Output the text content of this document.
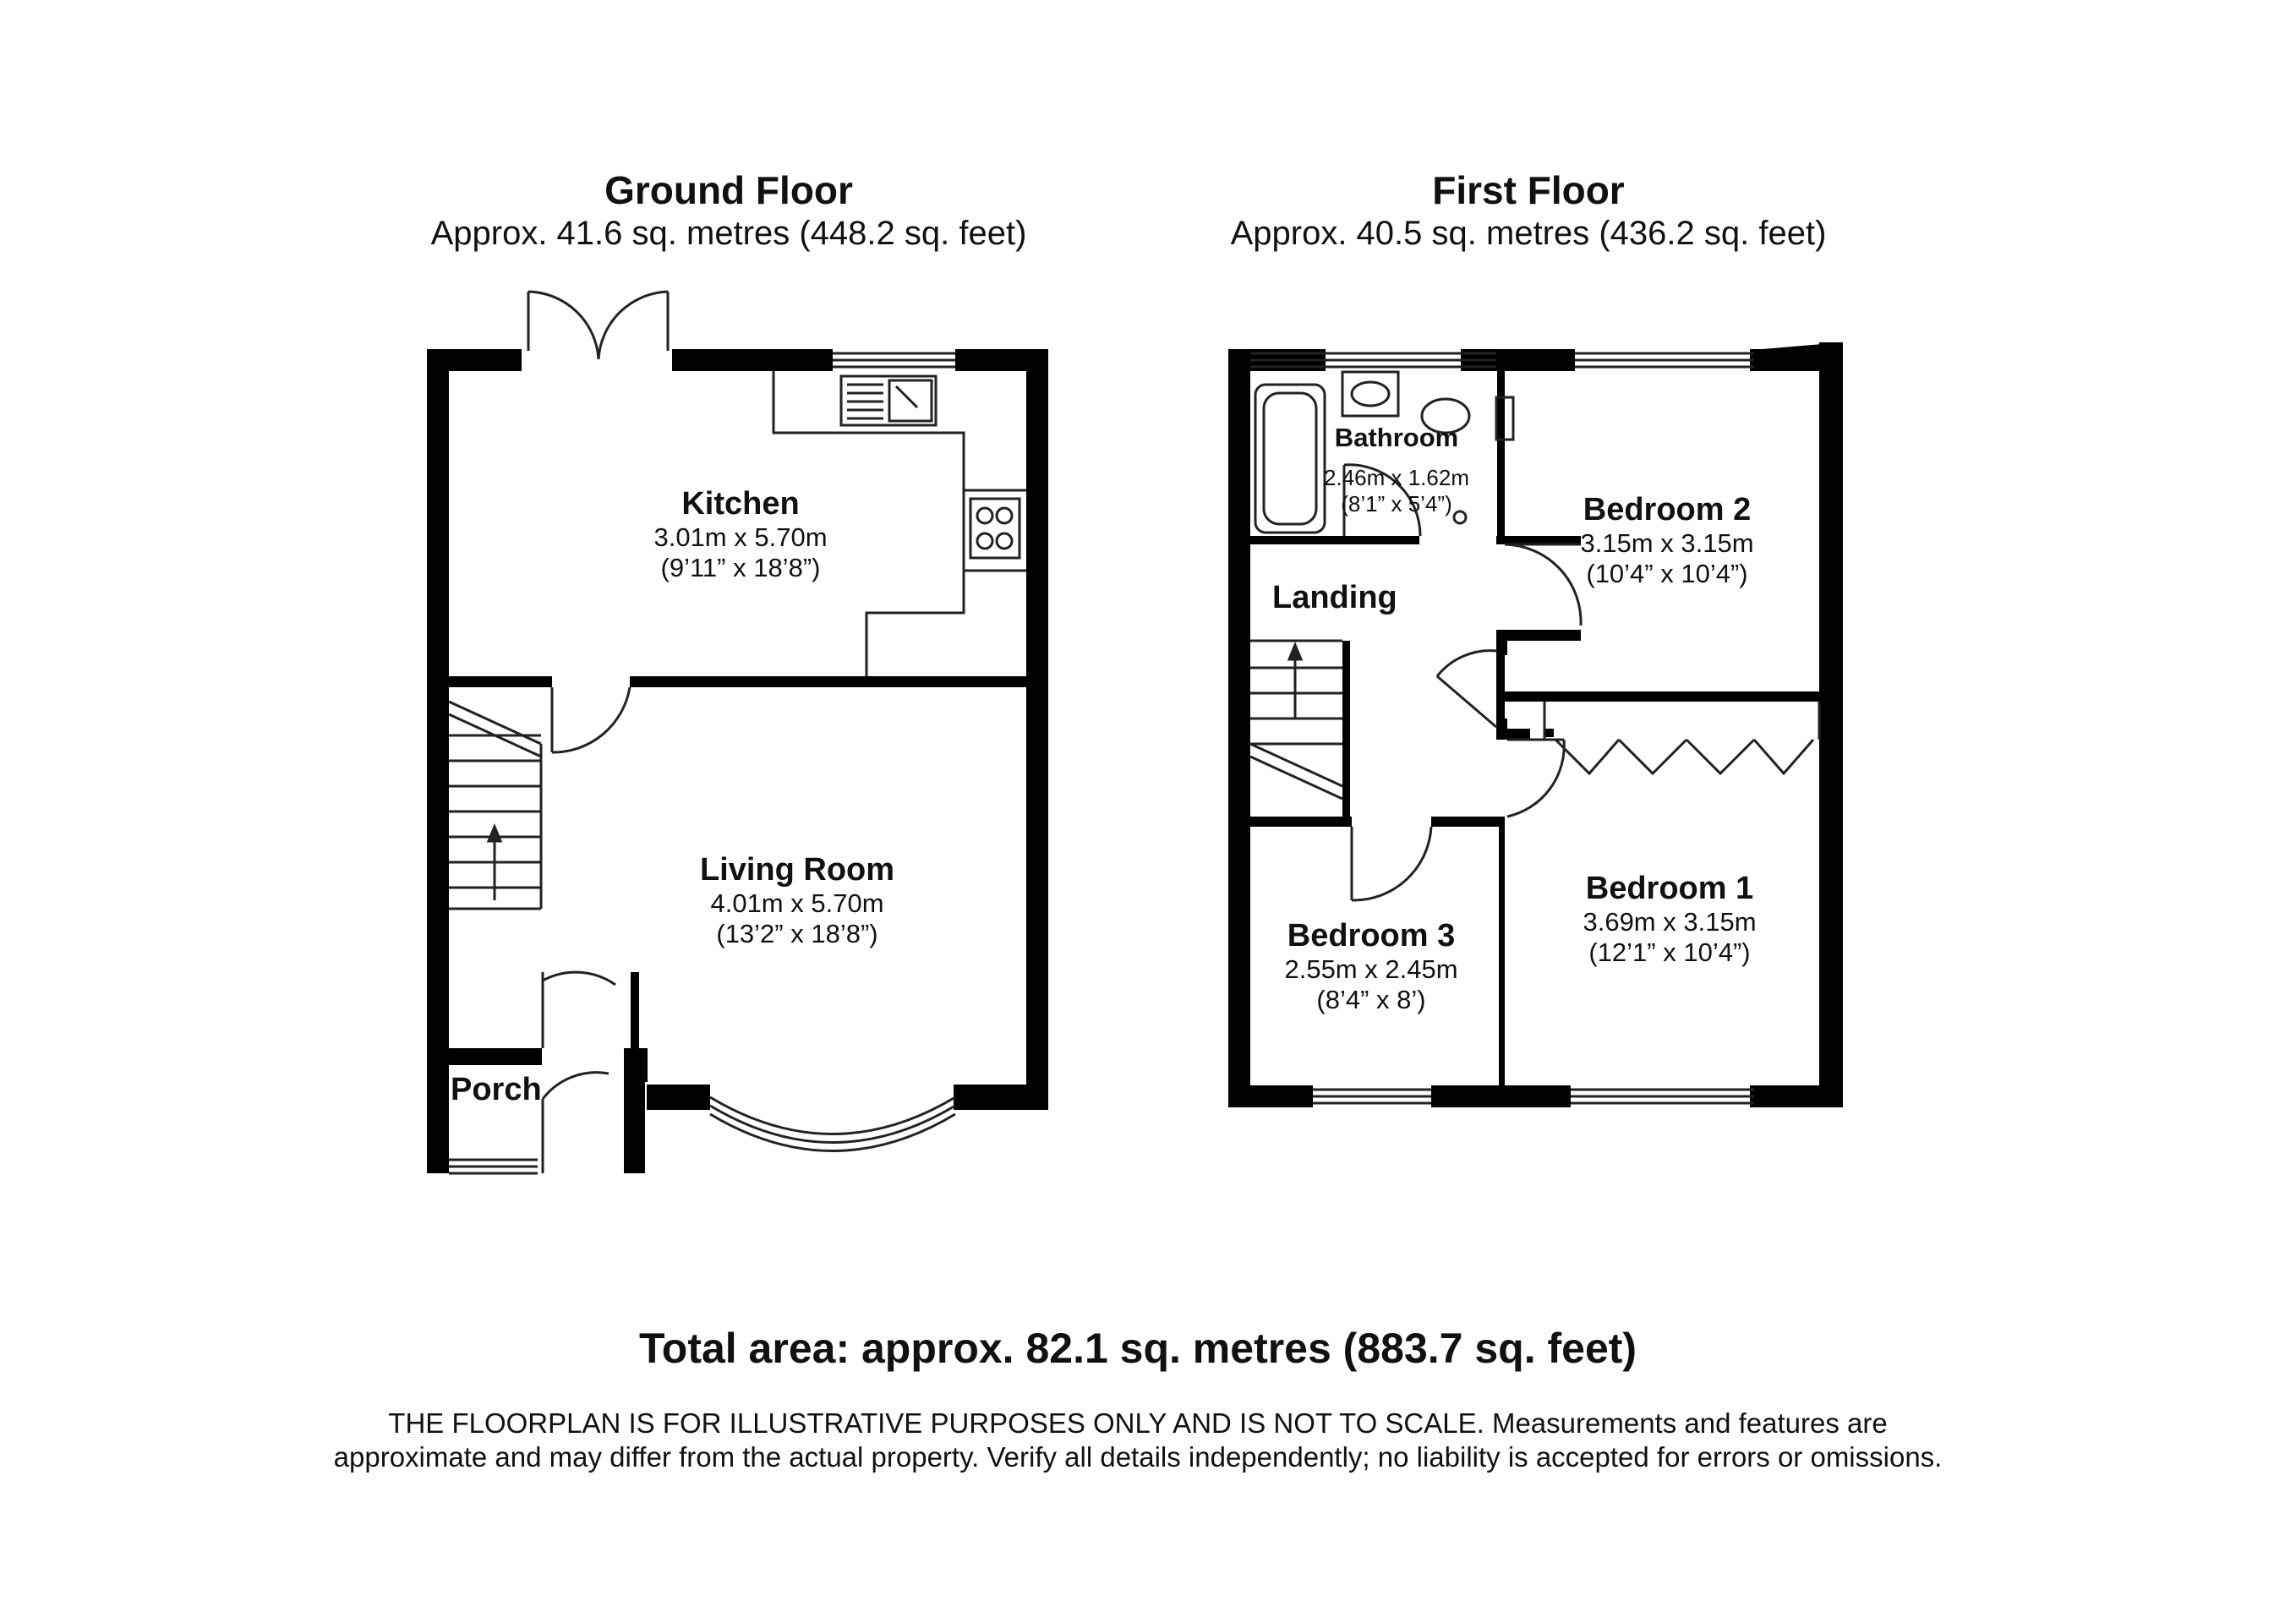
Ground Floor
Approx. 41.6 sq. metres (448.2 sq. feet)
First Floor
Approx. 40.5 sq. metres (436.2 sq. feet)
Kitchen
3.01m x 5.70m
(9’11” x 18’8”)
Living Room
4.01m x 5.70m
(13’2” x 18’8”)
Porch
Bathroom
2.46m x 1.62m
(8’1” x 5’4”)	Bedroom 2
3.15m x 3.15m
(10’4” x 10’4”)
Landing
Bedroom 1
3.69m x 3.15m
(12’1” x 10’4”)
Bedroom 3
2.55m x 2.45m
(8’4” x 8’)
Total area: approx. 82.1 sq. metres (883.7 sq. feet)
THE FLOORPLAN IS FOR ILLUSTRATIVE PURPOSES ONLY AND IS NOT TO SCALE. Measurements and features are
approximate and may differ from the actual property. Verify all details independently; no liability is accepted for errors or omissions.
